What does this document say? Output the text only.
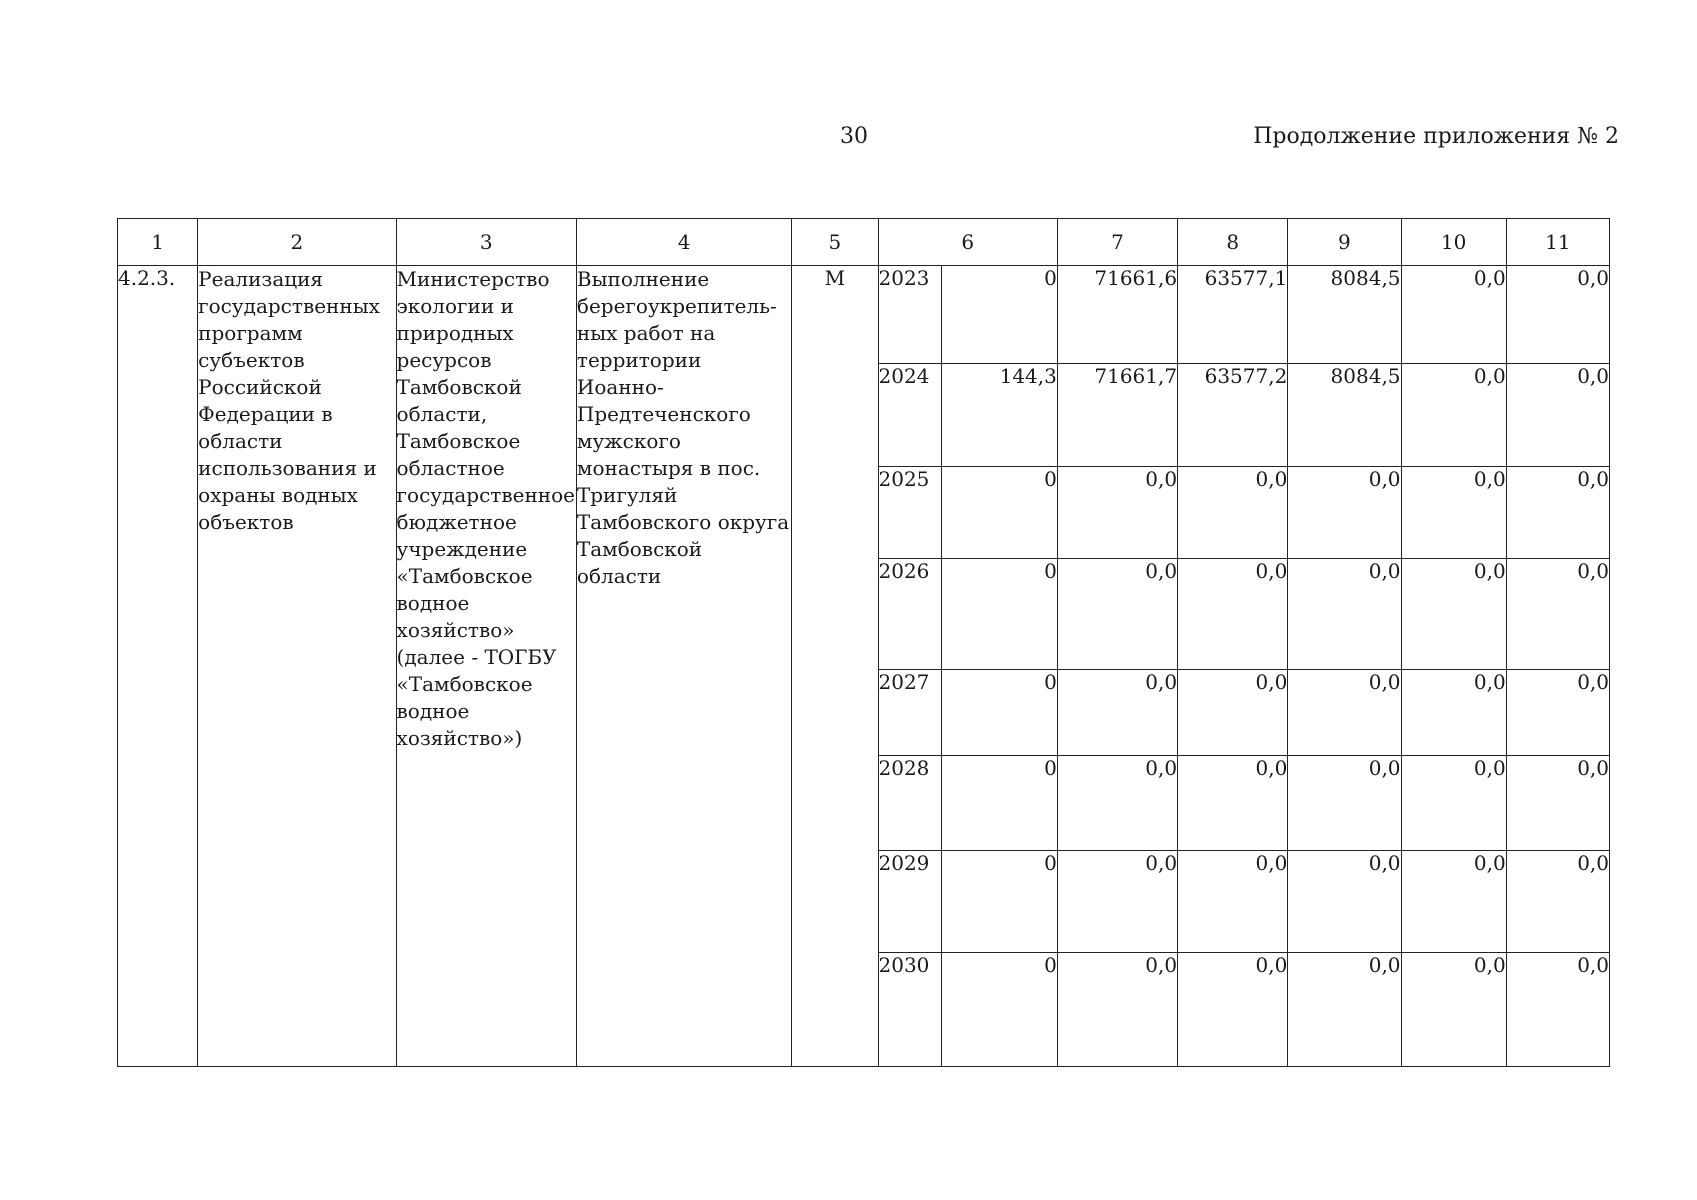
30	Продолжение приложения № 2
1	2	3	4	5	6		7	8	9	10	11
4.2.3.	Реализация государственных программ субъектов Российской Федерации в области использования и охраны водных объектов	Министерство экологии и природных ресурсов Тамбовской области, Тамбовское областное государственное бюджетное учреждение «Тамбовское водное хозяйство» (далее - ТОГБУ «Тамбовское водное хозяйство»)	Выполнение берегоукрепитель-ных работ на территории Иоанно-Предтеченского мужского монастыря в пос. Тригуляй Тамбовского округа Тамбовской области	М	2023	0	71661,6	63577,1	8084,5	0,0	0,0
					2024	144,3	71661,7	63577,2	8084,5	0,0	0,0
					2025	0	0,0	0,0	0,0	0,0	0,0
					2026	0	0,0	0,0	0,0	0,0	0,0
					2027	0	0,0	0,0	0,0	0,0	0,0
					2028	0	0,0	0,0	0,0	0,0	0,0
					2029	0	0,0	0,0	0,0	0,0	0,0
					2030	0	0,0	0,0	0,0	0,0	0,0
